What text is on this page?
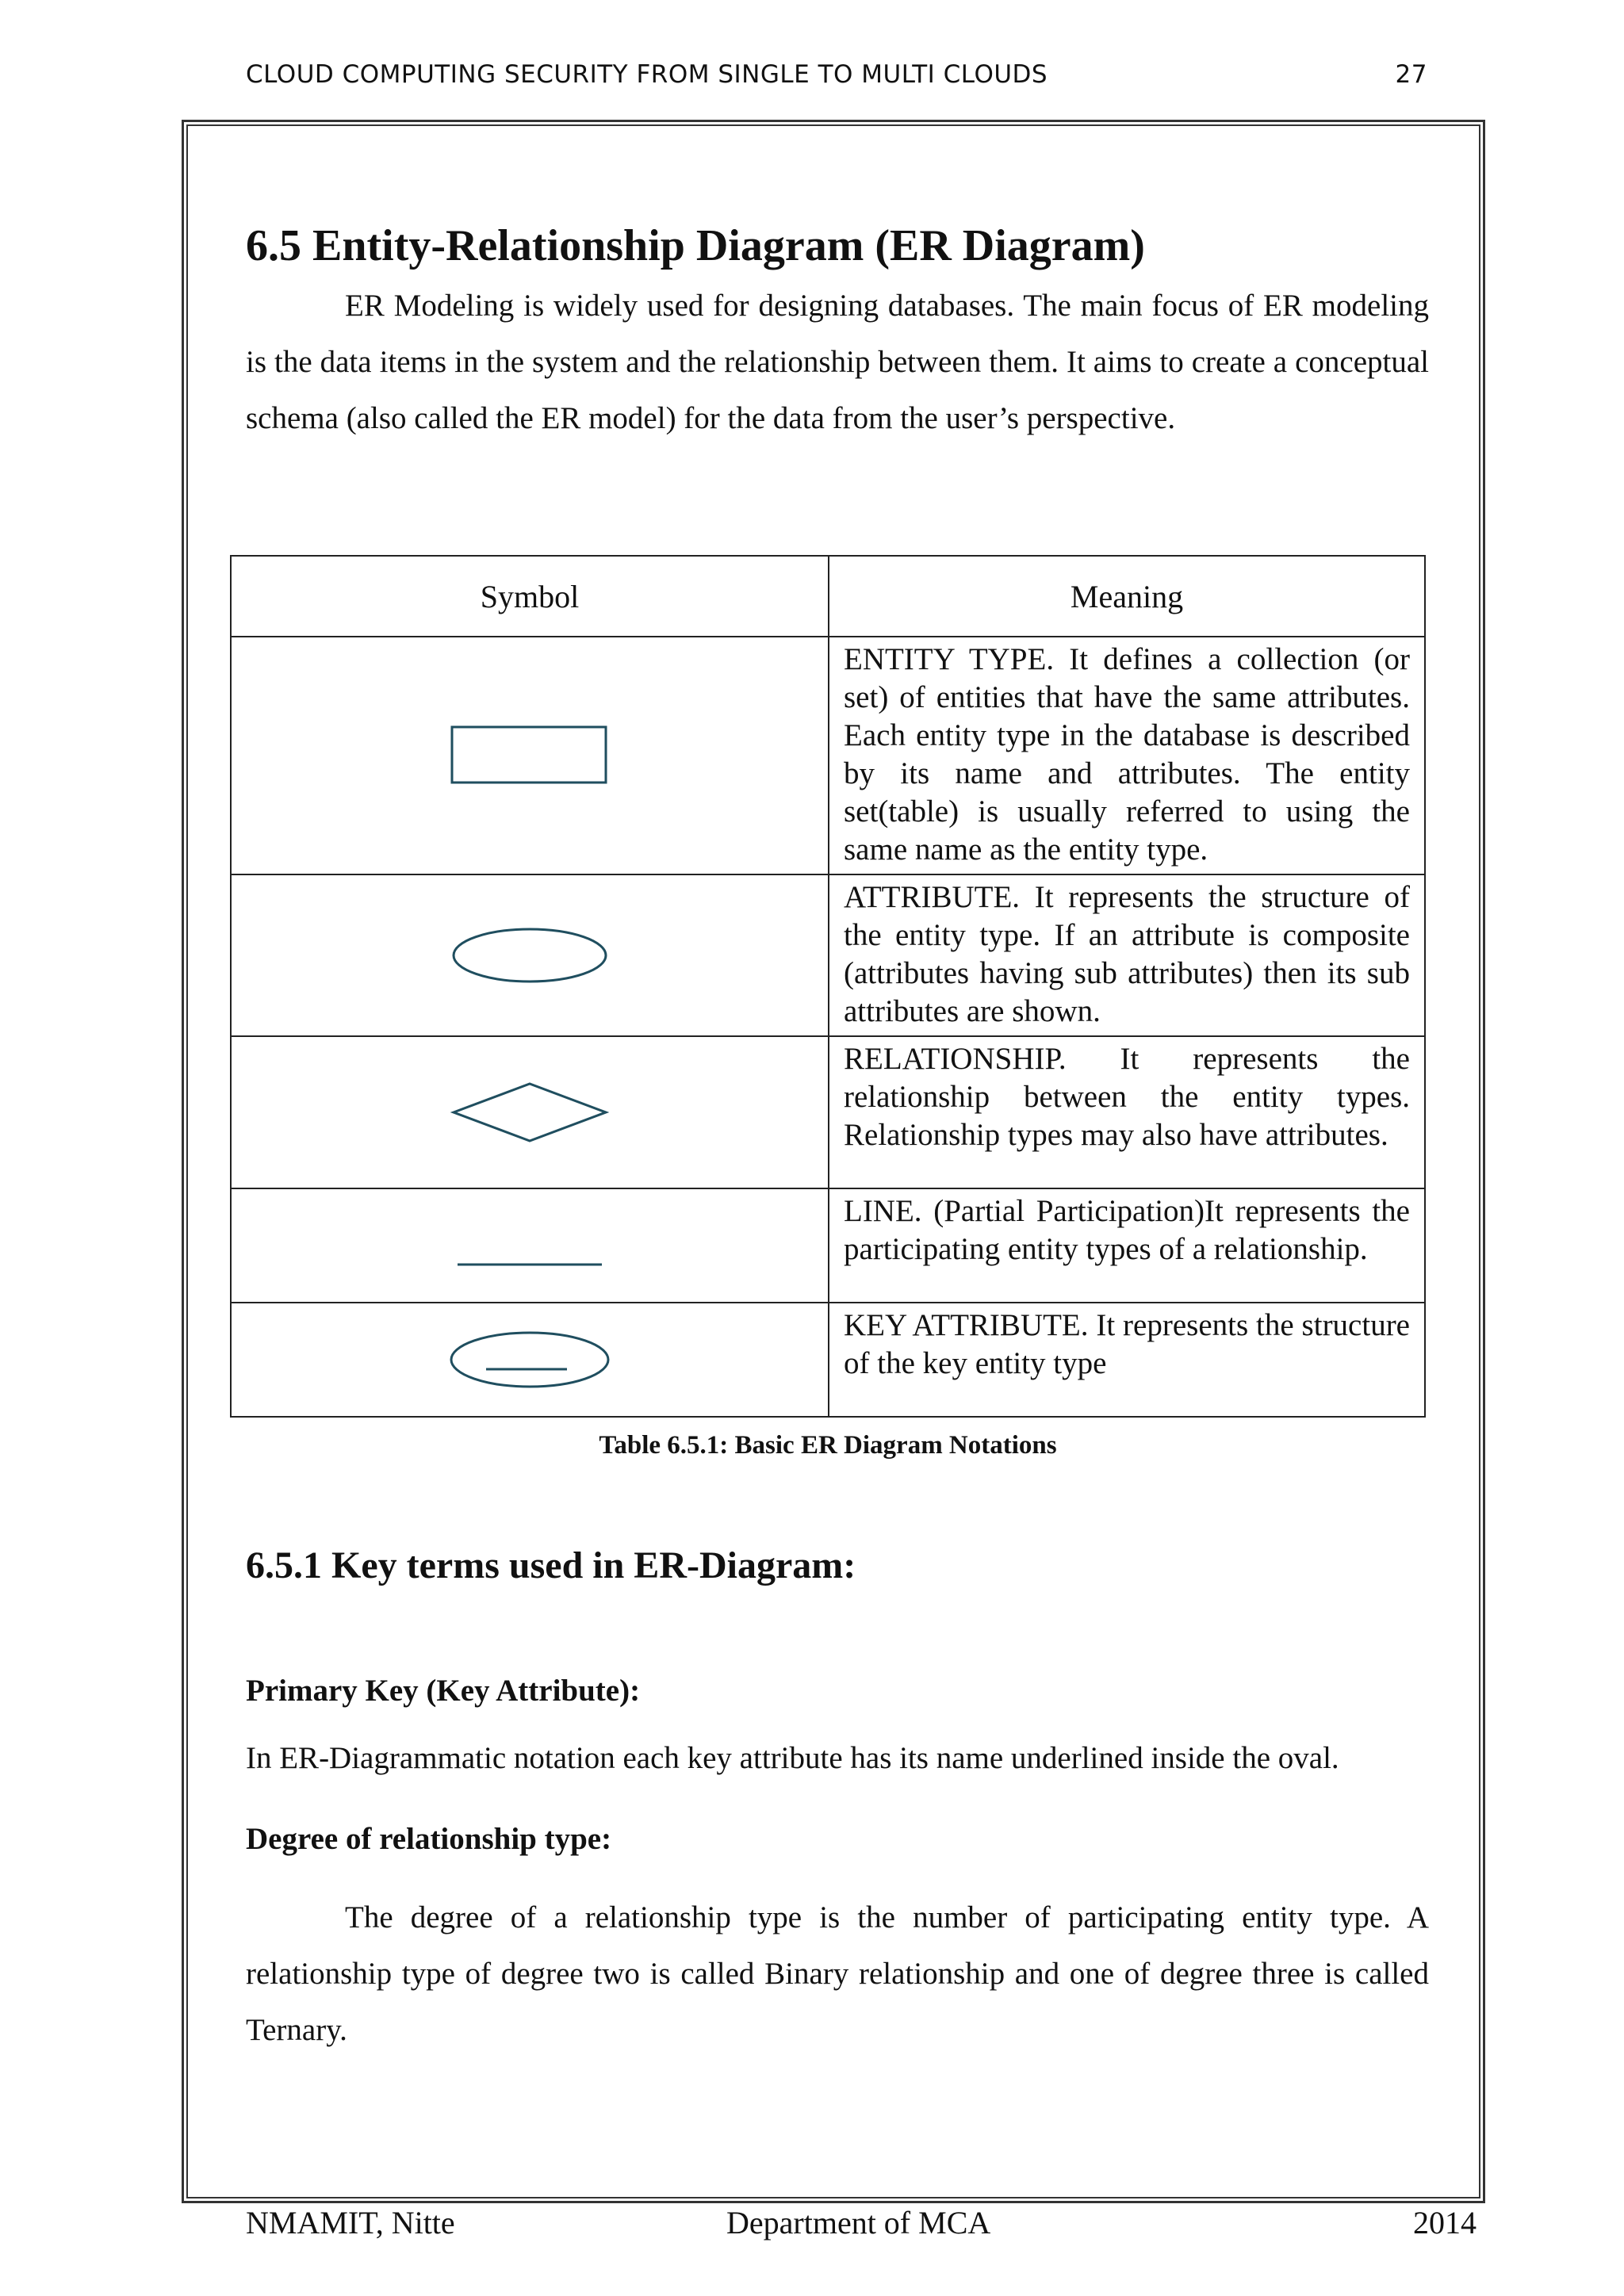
CLOUD COMPUTING SECURITY FROM SINGLE TO MULTI CLOUDS	27
6.5 Entity-Relationship Diagram (ER Diagram)

ER Modeling is widely used for designing databases. The main focus of ER modeling is the data items in the system and the relationship between them. It aims to create a conceptual schema (also called the ER model) for the data from the user’s perspective.

Symbol	Meaning

	ENTITY TYPE. It defines a collection (or set) of entities that have the same attributes. Each entity type in the database is described by its name and attributes. The entity set(table) is usually referred to using the same name as the entity type.

	ATTRIBUTE. It represents the structure of the entity type. If an attribute is composite (attributes having sub attributes) then its sub attributes are shown.

	RELATIONSHIP. It represents the relationship between the entity types. Relationship types may also have attributes.

	LINE. (Partial Participation)It represents the participating entity types of a relationship.

	KEY ATTRIBUTE. It represents the structure of the key entity type
Table 6.5.1: Basic ER Diagram Notations
6.5.1 Key terms used in ER-Diagram:
Primary Key (Key Attribute):

In ER-Diagrammatic notation each key attribute has its name underlined inside the oval.

Degree of relationship type:

The degree of a relationship type is the number of participating entity type. A relationship type of degree two is called Binary relationship and one of degree three is called Ternary.

NMAMIT, Nitte	Department of MCA	2014
